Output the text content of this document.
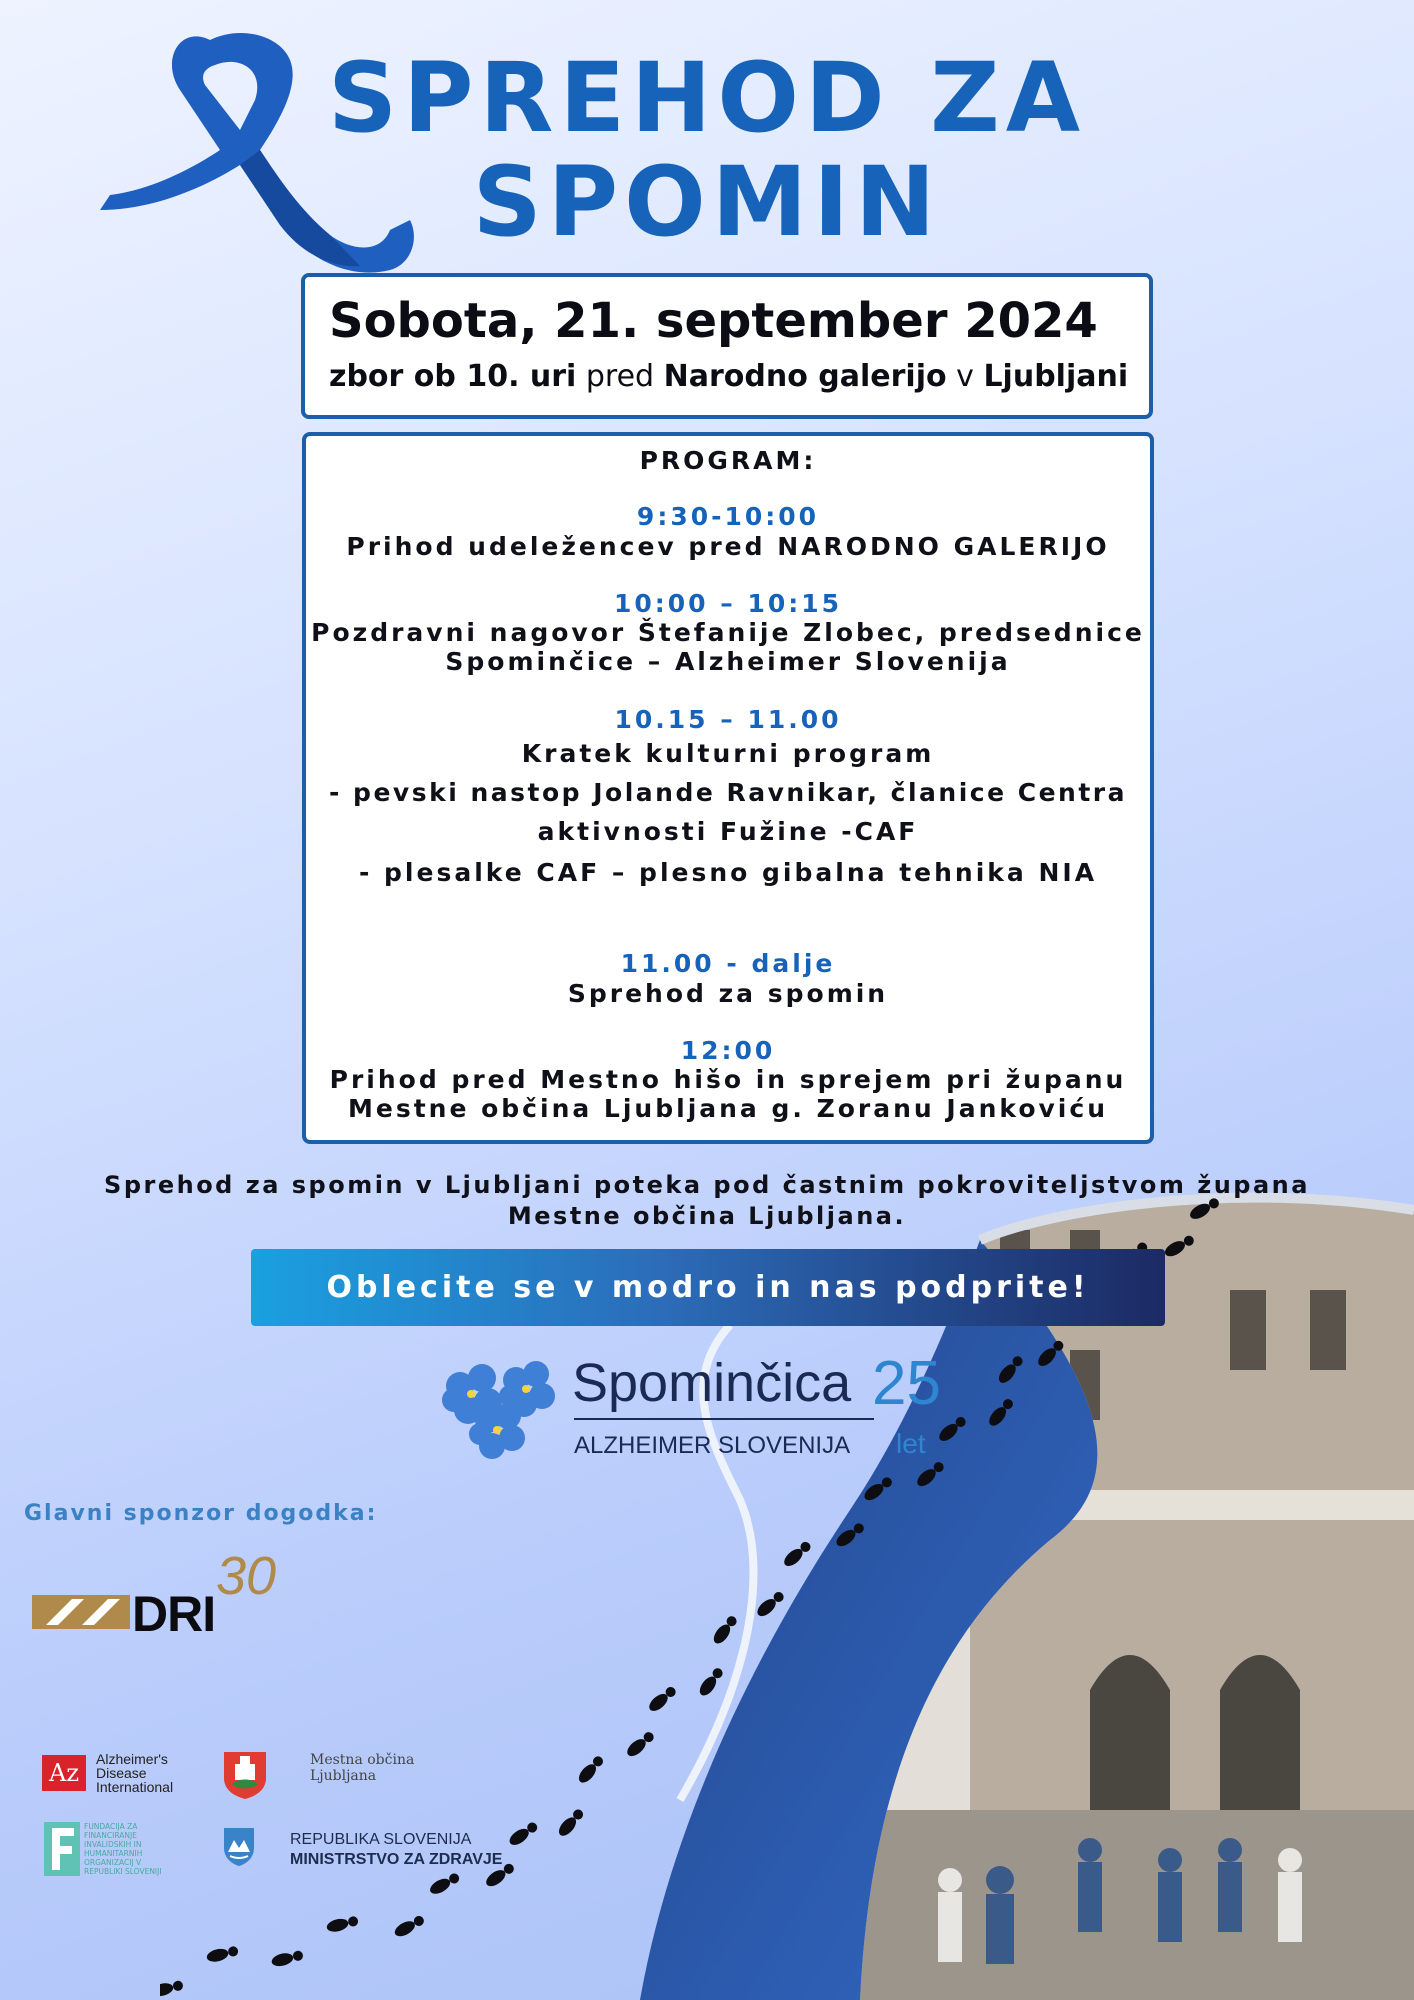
SPREHOD ZA
SPOMIN
Sobota, 21. september 2024
zbor ob 10. uri pred Narodno galerijo v Ljubljani
PROGRAM:
9:30-10:00
Prihod udeležencev pred NARODNO GALERIJO
10:00 – 10:15
Pozdravni nagovor Štefanije Zlobec, predsednice
Spominčice – Alzheimer Slovenija
10.15 – 11.00
Kratek kulturni program
- pevski nastop Jolande Ravnikar, članice Centra
aktivnosti Fužine -CAF
- plesalke CAF – plesno gibalna tehnika NIA
11.00 - dalje
Sprehod za spomin
12:00
Prihod pred Mestno hišo in sprejem pri županu
Mestne občina Ljubljana g. Zoranu Jankoviću
Sprehod za spomin v Ljubljani poteka pod častnim pokroviteljstvom župana
Mestne občina Ljubljana.
Oblecite se v modro in nas podprite!
Spominčica 25
ALZHEIMER SLOVENIJA let
Glavni sponzor dogodka:
DRI
30
Az	Alzheimer's
Disease
International
Mestna občina
Ljubljana
FUNDACIJA ZA FINANCIRANJE INVALIDSKIH IN HUMANITARNIH ORGANIZACIJ V REPUBLIKI SLOVENIJI
REPUBLIKA SLOVENIJA
MINISTRSTVO ZA ZDRAVJE
